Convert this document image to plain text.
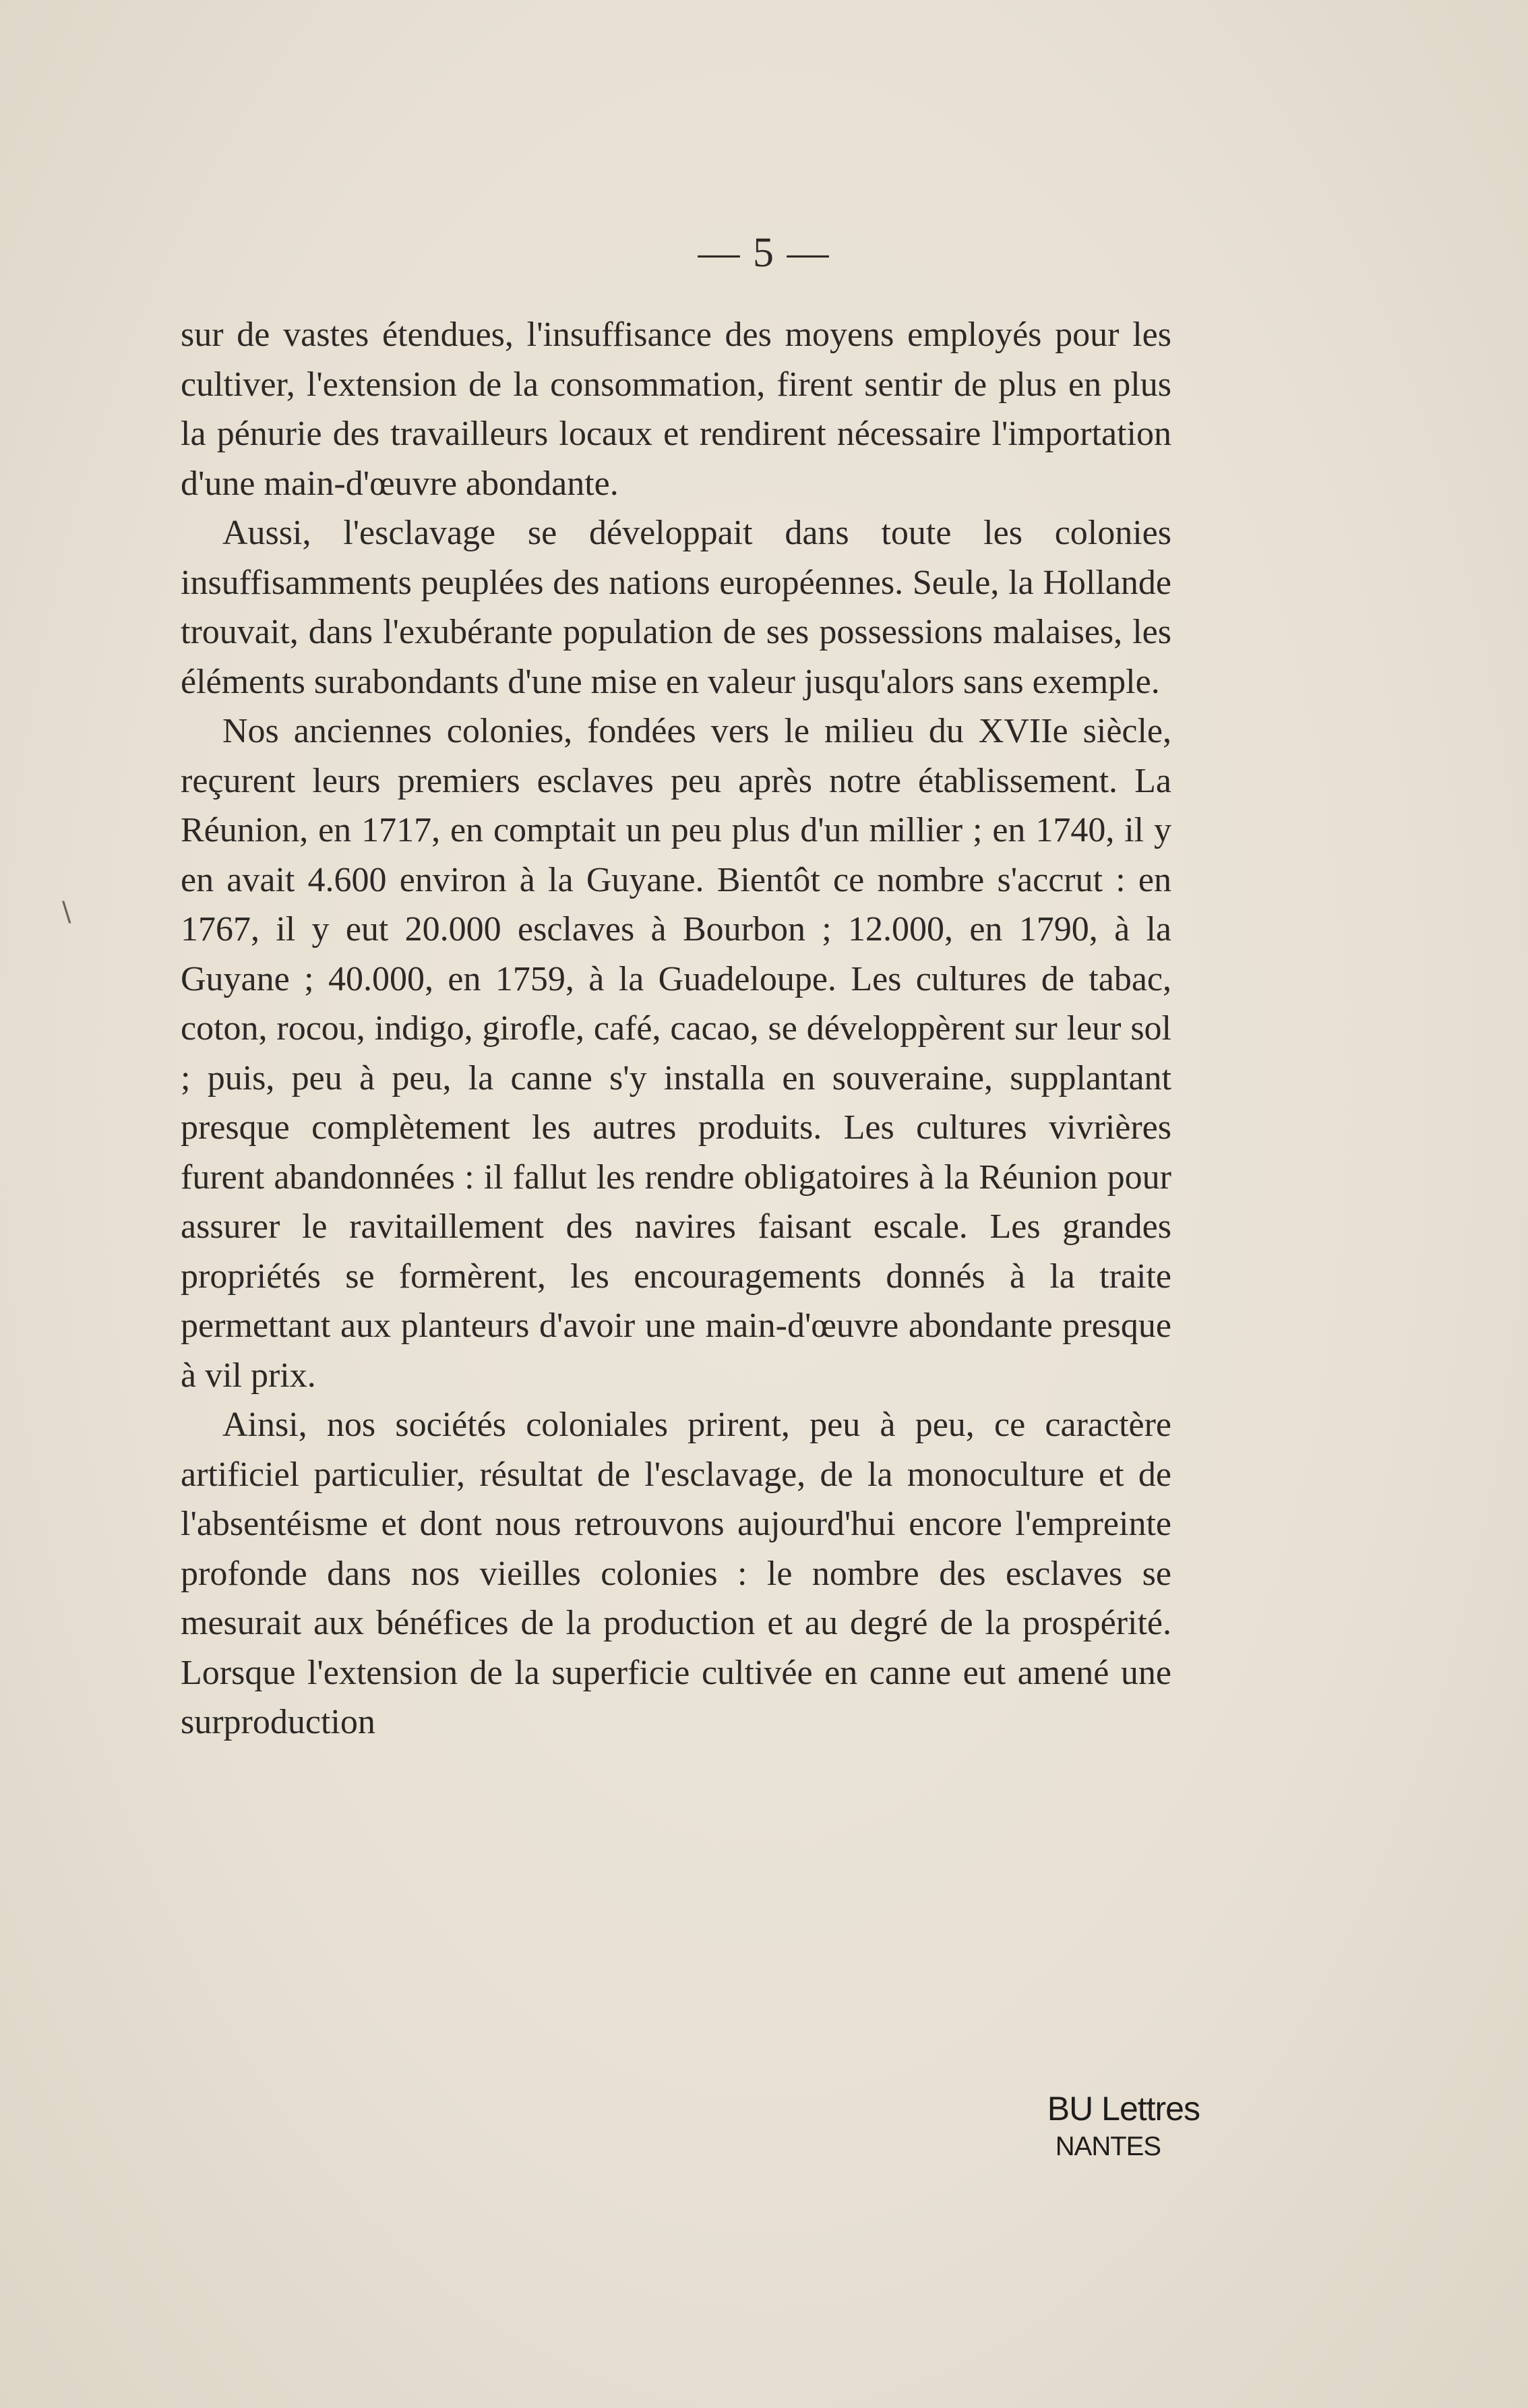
— 5 —

sur de vastes étendues, l'insuffisance des moyens employés pour les cultiver, l'extension de la consommation, firent sentir de plus en plus la pénurie des travailleurs locaux et rendirent nécessaire l'importation d'une main-d'œuvre abondante.

Aussi, l'esclavage se développait dans toute les colonies insuffisamments peuplées des nations européennes. Seule, la Hollande trouvait, dans l'exubérante population de ses possessions malaises, les éléments surabondants d'une mise en valeur jusqu'alors sans exemple.

Nos anciennes colonies, fondées vers le milieu du XVIIe siècle, reçurent leurs premiers esclaves peu après notre établissement. La Réunion, en 1717, en comptait un peu plus d'un millier ; en 1740, il y en avait 4.600 environ à la Guyane. Bientôt ce nombre s'accrut : en 1767, il y eut 20.000 esclaves à Bourbon ; 12.000, en 1790, à la Guyane ; 40.000, en 1759, à la Guadeloupe. Les cultures de tabac, coton, rocou, indigo, girofle, café, cacao, se développèrent sur leur sol ; puis, peu à peu, la canne s'y installa en souveraine, supplantant presque complètement les autres produits. Les cultures vivrières furent abandonnées : il fallut les rendre obligatoires à la Réunion pour assurer le ravitaillement des navires faisant escale. Les grandes propriétés se formèrent, les encouragements donnés à la traite permettant aux planteurs d'avoir une main-d'œuvre abondante presque à vil prix.

Ainsi, nos sociétés coloniales prirent, peu à peu, ce caractère artificiel particulier, résultat de l'esclavage, de la monoculture et de l'absentéisme et dont nous retrouvons aujourd'hui encore l'empreinte profonde dans nos vieilles colonies : le nombre des esclaves se mesurait aux bénéfices de la production et au degré de la prospérité. Lorsque l'extension de la superficie cultivée en canne eut amené une surproduction

\
BU Lettres
NANTES
